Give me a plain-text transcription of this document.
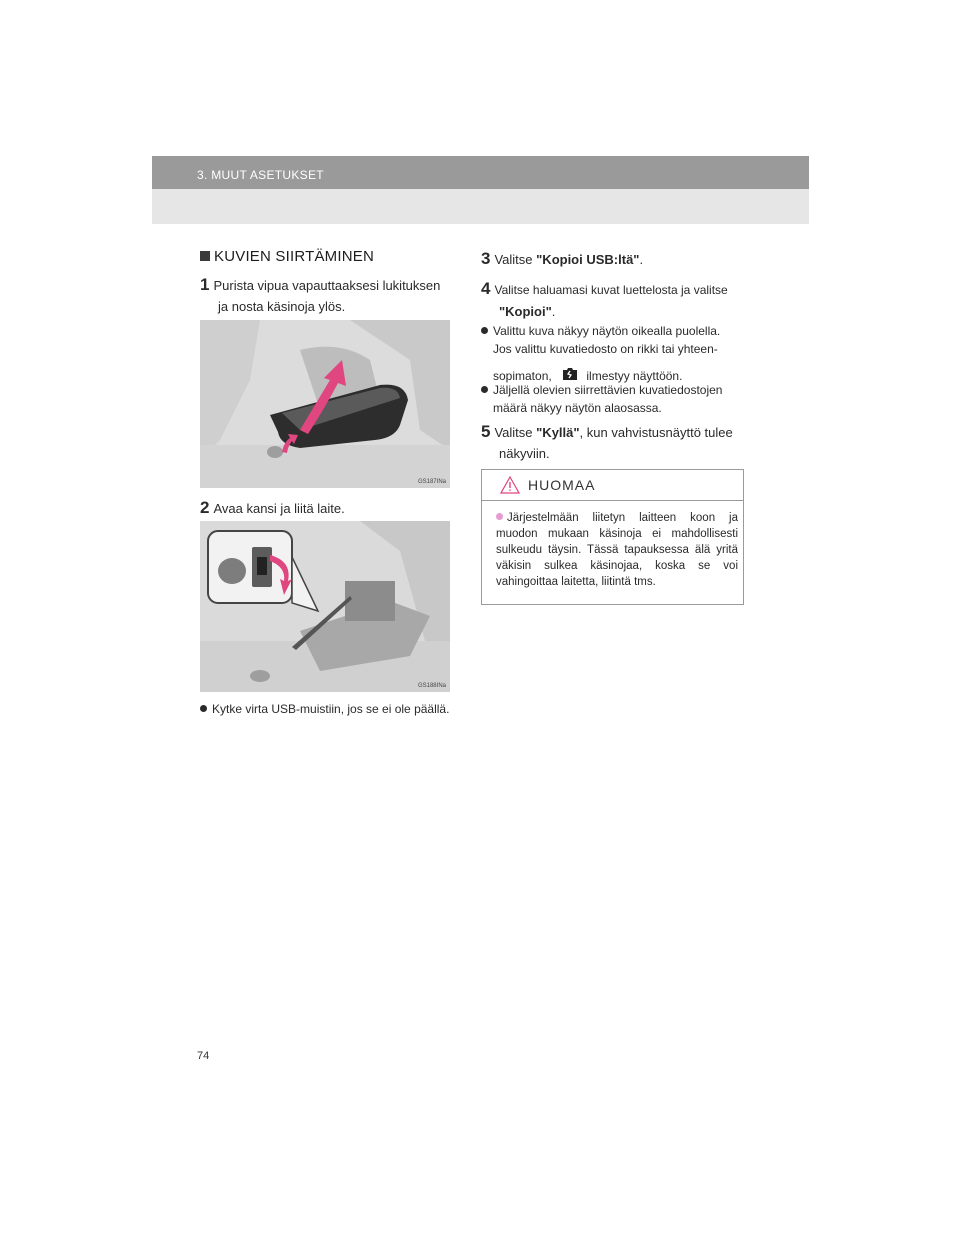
3. MUUT ASETUKSET
KUVIEN SIIRTÄMINEN
1 Purista vipua vapauttaaksesi lukituksen
ja nosta käsinoja ylös.
GS187INa
2 Avaa kansi ja liitä laite.
GS188INa
Kytke virta USB-muistiin, jos se ei ole päällä.
3 Valitse "Kopioi USB:ltä".
4 Valitse haluamasi kuvat luettelosta ja valitse
"Kopioi".
Valittu kuva näkyy näytön oikealla puolella.
Jos valittu kuvatiedosto on rikki tai yhteen-
sopimaton,	ilmestyy näyttöön.
Jäljellä olevien siirrettävien kuvatiedostojen
määrä näkyy näytön alaosassa.
5 Valitse "Kyllä", kun vahvistusnäyttö tulee
näkyviin.
HUOMAA
Järjestelmään liitetyn laitteen koon ja muodon mukaan käsinoja ei mahdollisesti sulkeudu täysin. Tässä tapauksessa älä yritä väkisin sulkea käsinojaa, koska se voi vahingoittaa laitetta, liitintä tms.
74
